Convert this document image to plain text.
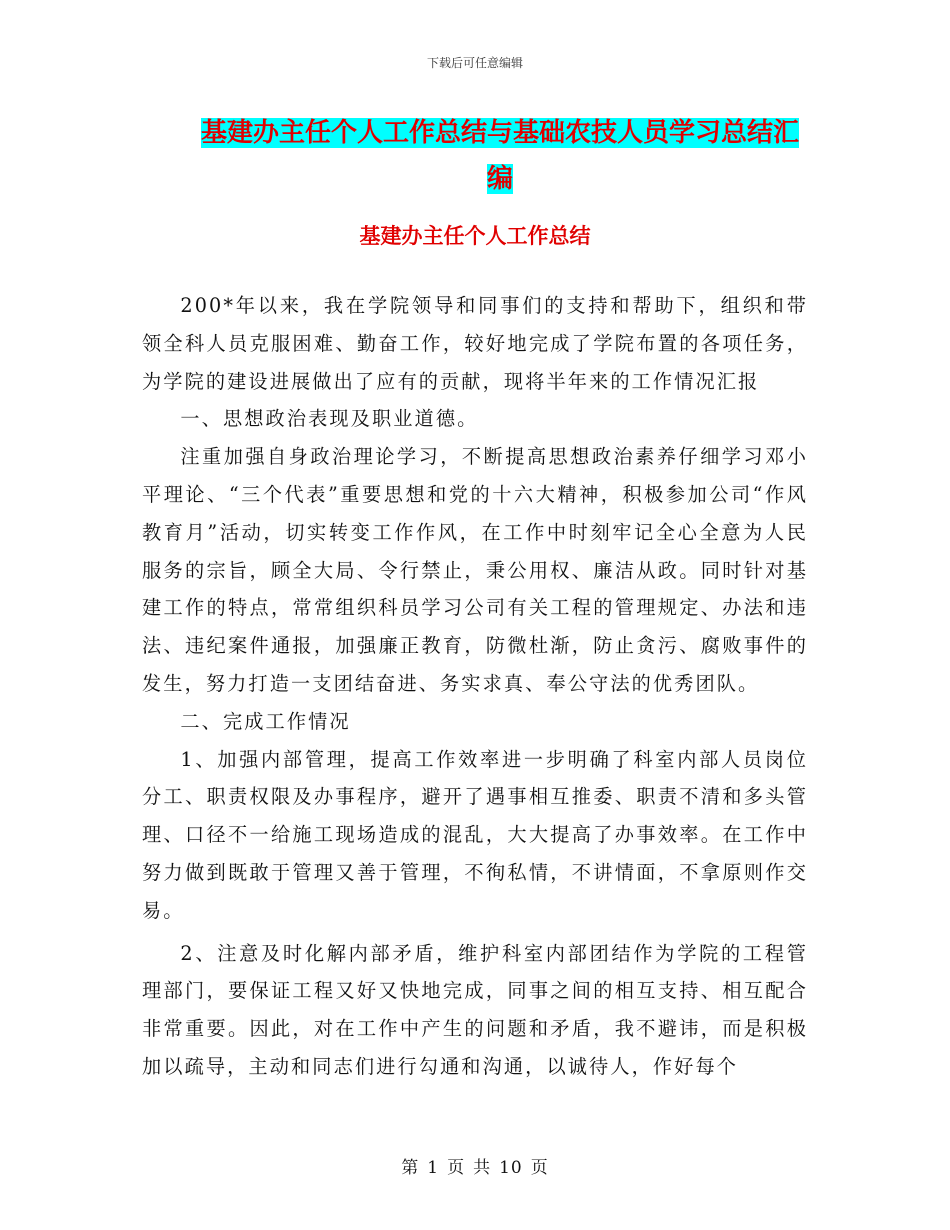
下载后可任意编辑
基建办主任个人工作总结与基础农技人员学习总结汇
编
基建办主任个人工作总结

200*年以来，我在学院领导和同事们的支持和帮助下，组织和带领全科人员克服困难、勤奋工作，较好地完成了学院布置的各项任务，为学院的建设进展做出了应有的贡献，现将半年来的工作情况汇报

一、思想政治表现及职业道德。

注重加强自身政治理论学习，不断提高思想政治素养仔细学习邓小平理论、“三个代表”重要思想和党的十六大精神，积极参加公司“作风教育月”活动，切实转变工作作风，在工作中时刻牢记全心全意为人民服务的宗旨，顾全大局、令行禁止，秉公用权、廉洁从政。同时针对基建工作的特点，常常组织科员学习公司有关工程的管理规定、办法和违法、违纪案件通报，加强廉正教育，防微杜渐，防止贪污、腐败事件的发生，努力打造一支团结奋进、务实求真、奉公守法的优秀团队。

二、完成工作情况

1、加强内部管理，提高工作效率进一步明确了科室内部人员岗位分工、职责权限及办事程序，避开了遇事相互推委、职责不清和多头管理、口径不一给施工现场造成的混乱，大大提高了办事效率。在工作中努力做到既敢于管理又善于管理，不徇私情，不讲情面，不拿原则作交易。

2、注意及时化解内部矛盾，维护科室内部团结作为学院的工程管理部门，要保证工程又好又快地完成，同事之间的相互支持、相互配合非常重要。因此，对在工作中产生的问题和矛盾，我不避讳，而是积极加以疏导，主动和同志们进行勾通和沟通，以诚待人，作好每个

第 1 页 共 10 页
